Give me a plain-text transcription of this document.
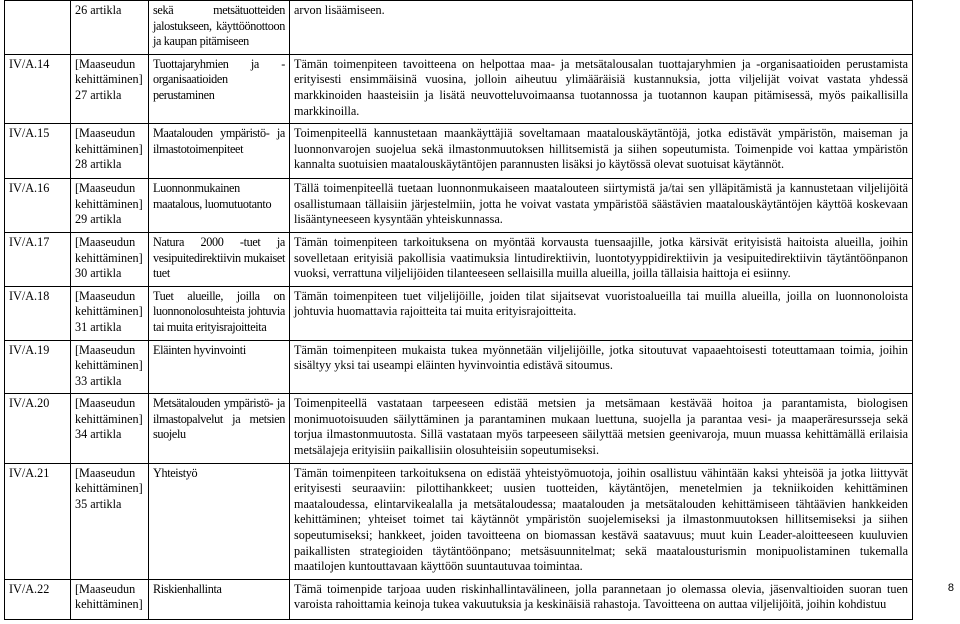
	26 artikla	sekä metsätuotteiden jalostukseen, käyttöönottoon ja kaupan pitämiseen	arvon lisäämiseen.
IV/A.14	[Maaseudun kehittäminen] 27 artikla	Tuottajaryhmien ja -organisaatioiden perustaminen	Tämän toimenpiteen tavoitteena on helpottaa maa- ja metsätalousalan tuottajaryhmien ja -organisaatioiden perustamista erityisesti ensimmäisinä vuosina, jolloin aiheutuu ylimääräisiä kustannuksia, jotta viljelijät voivat vastata yhdessä markkinoiden haasteisiin ja lisätä neuvotteluvoimaansa tuotannossa ja tuotannon kaupan pitämisessä, myös paikallisilla markkinoilla.
IV/A.15	[Maaseudun kehittäminen] 28 artikla	Maatalouden ympäristö- ja ilmastotoimenpiteet	Toimenpiteellä kannustetaan maankäyttäjiä soveltamaan maatalouskäytäntöjä, jotka edistävät ympäristön, maiseman ja luonnonvarojen suojelua sekä ilmastonmuutoksen hillitsemistä ja siihen sopeutumista. Toimenpide voi kattaa ympäristön kannalta suotuisien maatalouskäytäntöjen parannusten lisäksi jo käytössä olevat suotuisat käytännöt.
IV/A.16	[Maaseudun kehittäminen] 29 artikla	Luonnonmukainen maatalous, luomutuotanto	Tällä toimenpiteellä tuetaan luonnonmukaiseen maatalouteen siirtymistä ja/tai sen ylläpitämistä ja kannustetaan viljelijöitä osallistumaan tällaisiin järjestelmiin, jotta he voivat vastata ympäristöä säästävien maatalouskäytäntöjen käyttöä koskevaan lisääntyneeseen kysyntään yhteiskunnassa.
IV/A.17	[Maaseudun kehittäminen] 30 artikla	Natura 2000 -tuet ja vesipuitedirektiivin mukaiset tuet	Tämän toimenpiteen tarkoituksena on myöntää korvausta tuensaajille, jotka kärsivät erityisistä haitoista alueilla, joihin sovelletaan erityisiä pakollisia vaatimuksia lintudirektiivin, luontotyyppidirektiivin ja vesipuitedirektiivin täytäntöönpanon vuoksi, verrattuna viljelijöiden tilanteeseen sellaisilla muilla alueilla, joilla tällaisia haittoja ei esiinny.
IV/A.18	[Maaseudun kehittäminen] 31 artikla	Tuet alueille, joilla on luonnonolosuhteista johtuvia tai muita erityisrajoitteita	Tämän toimenpiteen tuet viljelijöille, joiden tilat sijaitsevat vuoristoalueilla tai muilla alueilla, joilla on luonnonoloista johtuvia huomattavia rajoitteita tai muita erityisrajoitteita.
IV/A.19	[Maaseudun kehittäminen] 33 artikla	Eläinten hyvinvointi	Tämän toimenpiteen mukaista tukea myönnetään viljelijöille, jotka sitoutuvat vapaaehtoisesti toteuttamaan toimia, joihin sisältyy yksi tai useampi eläinten hyvinvointia edistävä sitoumus.
IV/A.20	[Maaseudun kehittäminen] 34 artikla	Metsätalouden ympäristö- ja ilmastopalvelut ja metsien suojelu	Toimenpiteellä vastataan tarpeeseen edistää metsien ja metsämaan kestävää hoitoa ja parantamista, biologisen monimuotoisuuden säilyttäminen ja parantaminen mukaan luettuna, suojella ja parantaa vesi- ja maaperäresursseja sekä torjua ilmastonmuutosta. Sillä vastataan myös tarpeeseen säilyttää metsien geenivaroja, muun muassa kehittämällä erilaisia metsälajeja erityisiin paikallisiin olosuhteisiin sopeutumiseksi.
IV/A.21	[Maaseudun kehittäminen] 35 artikla	Yhteistyö	Tämän toimenpiteen tarkoituksena on edistää yhteistyömuotoja, joihin osallistuu vähintään kaksi yhteisöä ja jotka liittyvät erityisesti seuraaviin: pilottihankkeet; uusien tuotteiden, käytäntöjen, menetelmien ja tekniikoiden kehittäminen maataloudessa, elintarvikealalla ja metsätaloudessa; maatalouden ja metsätalouden kehittämiseen tähtäävien hankkeiden kehittäminen; yhteiset toimet tai käytännöt ympäristön suojelemiseksi ja ilmastonmuutoksen hillitsemiseksi ja siihen sopeutumiseksi; hankkeet, joiden tavoitteena on biomassan kestävä saatavuus; muut kuin Leader-aloitteeseen kuuluvien paikallisten strategioiden täytäntöönpano; metsäsuunnitelmat; sekä maatalousturismin monipuolistaminen tukemalla maatilojen kuntouttavaan käyttöön suuntautuvaa toimintaa.
IV/A.22	[Maaseudun kehittäminen]	Riskienhallinta	Tämä toimenpide tarjoaa uuden riskinhallintavälineen, jolla parannetaan jo olemassa olevia, jäsenvaltioiden suoran tuen varoista rahoittamia keinoja tukea vakuutuksia ja keskinäisiä rahastoja. Tavoitteena on auttaa viljelijöitä, joihin kohdistuu
8
